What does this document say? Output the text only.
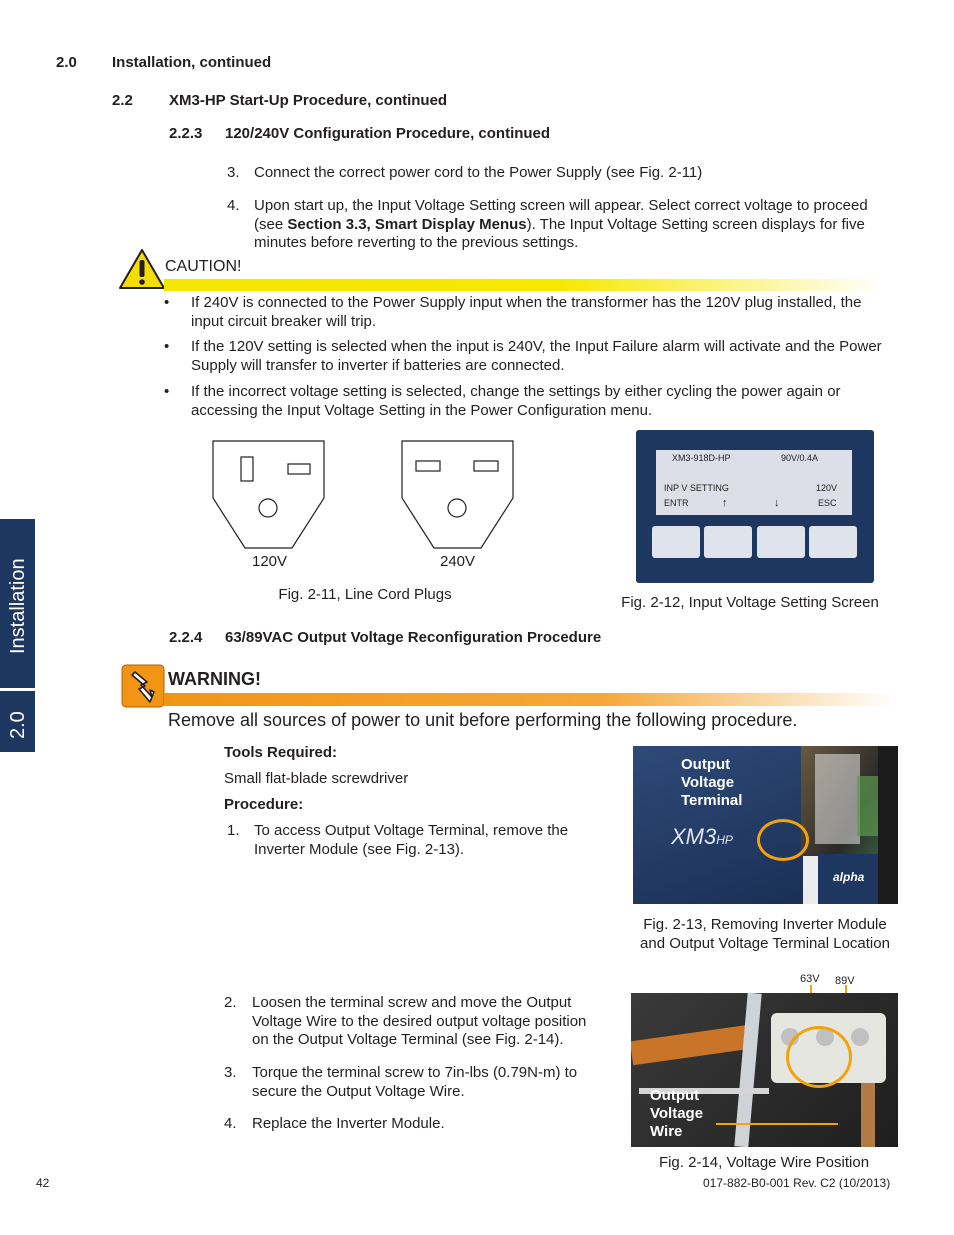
2.0 Installation, continued
2.2 XM3-HP Start-Up Procedure, continued
2.2.3 120/240V Configuration Procedure, continued
3. Connect the correct power cord to the Power Supply (see Fig. 2-11)
4. Upon start up, the Input Voltage Setting screen will appear. Select correct voltage to proceed (see Section 3.3, Smart Display Menus). The Input Voltage Setting screen displays for five minutes before reverting to the previous settings.
CAUTION!
• If 240V is connected to the Power Supply input when the transformer has the 120V plug installed, the input circuit breaker will trip.
• If the 120V setting is selected when the input is 240V, the Input Failure alarm will activate and the Power Supply will transfer to inverter if batteries are connected.
• If the incorrect voltage setting is selected, change the settings by either cycling the power again or accessing the Input Voltage Setting in the Power Configuration menu.
120V	240V
Fig. 2-11, Line Cord Plugs
XM3-918D-HP	90V/0.4A
INP V SETTING	120V
ENTR	↑	↓	ESC
Fig. 2-12, Input Voltage Setting Screen
2.2.4 63/89VAC Output Voltage Reconfiguration Procedure
WARNING!
Remove all sources of power to unit before performing the following procedure.
Tools Required:
Small flat-blade screwdriver
Procedure:
1. To access Output Voltage Terminal, remove the Inverter Module (see Fig. 2-13).	XM3HP
alpha
Output
Voltage
Terminal
Fig. 2-13, Removing Inverter Module
and Output Voltage Terminal Location
2. Loosen the terminal screw and move the Output Voltage Wire to the desired output voltage position on the Output Voltage Terminal (see Fig. 2-14).
3. Torque the terminal screw to 7in-lbs (0.79N-m) to secure the Output Voltage Wire.
4. Replace the Inverter Module.
63V 89V
Output
Voltage
Wire
Fig. 2-14, Voltage Wire Position
Installation
2.0
42	017-882-B0-001 Rev. C2 (10/2013)
